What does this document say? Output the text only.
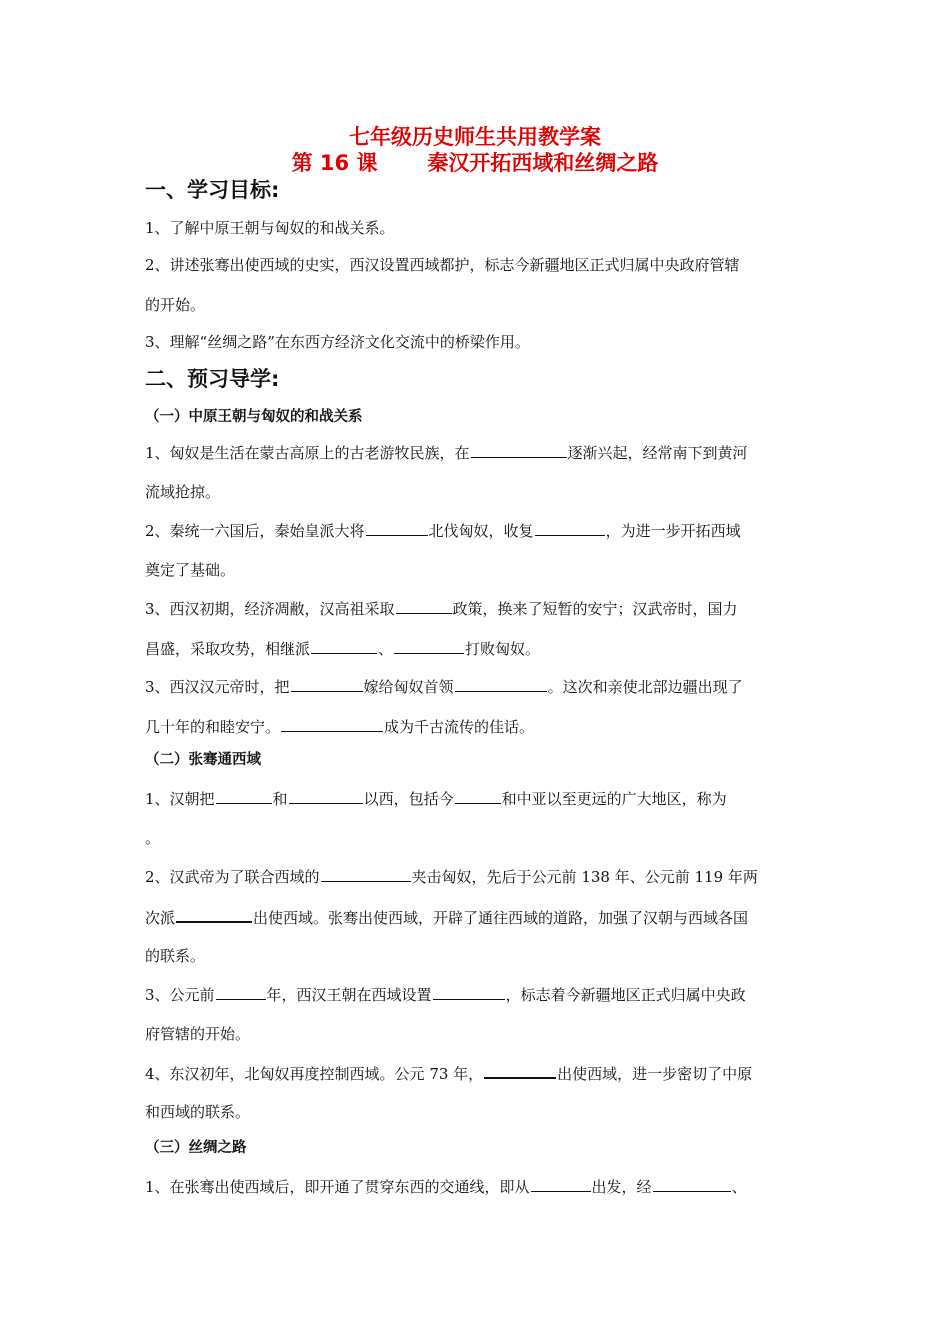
七年级历史师生共用教学案
第 16 课 秦汉开拓西域和丝绸之路
一、学习目标:
1、了解中原王朝与匈奴的和战关系。
2、讲述张骞出使西域的史实，西汉设置西域都护，标志今新疆地区正式归属中央政府管辖
的开始。
3、理解“丝绸之路”在东西方经济文化交流中的桥梁作用。
二、预习导学:
（一）中原王朝与匈奴的和战关系
1、匈奴是生活在蒙古高原上的古老游牧民族，在	逐渐兴起，经常南下到黄河
流域抢掠。
2、秦统一六国后，秦始皇派大将	北伐匈奴，收复	，为进一步开拓西域
奠定了基础。
3、西汉初期，经济凋敝，汉高祖采取	政策，换来了短暂的安宁；汉武帝时，国力
昌盛，采取攻势，相继派	、	打败匈奴。
3、西汉汉元帝时，把	嫁给匈奴首领	。这次和亲使北部边疆出现了
几十年的和睦安宁。	成为千古流传的佳话。
（二）张骞通西域
1、汉朝把	和	以西，包括今	和中亚以至更远的广大地区，称为
。
2、汉武帝为了联合西域的	夹击匈奴，先后于公元前 138 年、公元前 119 年两
次派	出使西域。张骞出使西域，开辟了通往西域的道路，加强了汉朝与西域各国
的联系。
3、公元前	年，西汉王朝在西域设置	，标志着今新疆地区正式归属中央政
府管辖的开始。
4、东汉初年，北匈奴再度控制西域。公元 73 年，	出使西域，进一步密切了中原
和西域的联系。
（三）丝绸之路
1、在张骞出使西域后，即开通了贯穿东西的交通线，即从	出发，经	、
